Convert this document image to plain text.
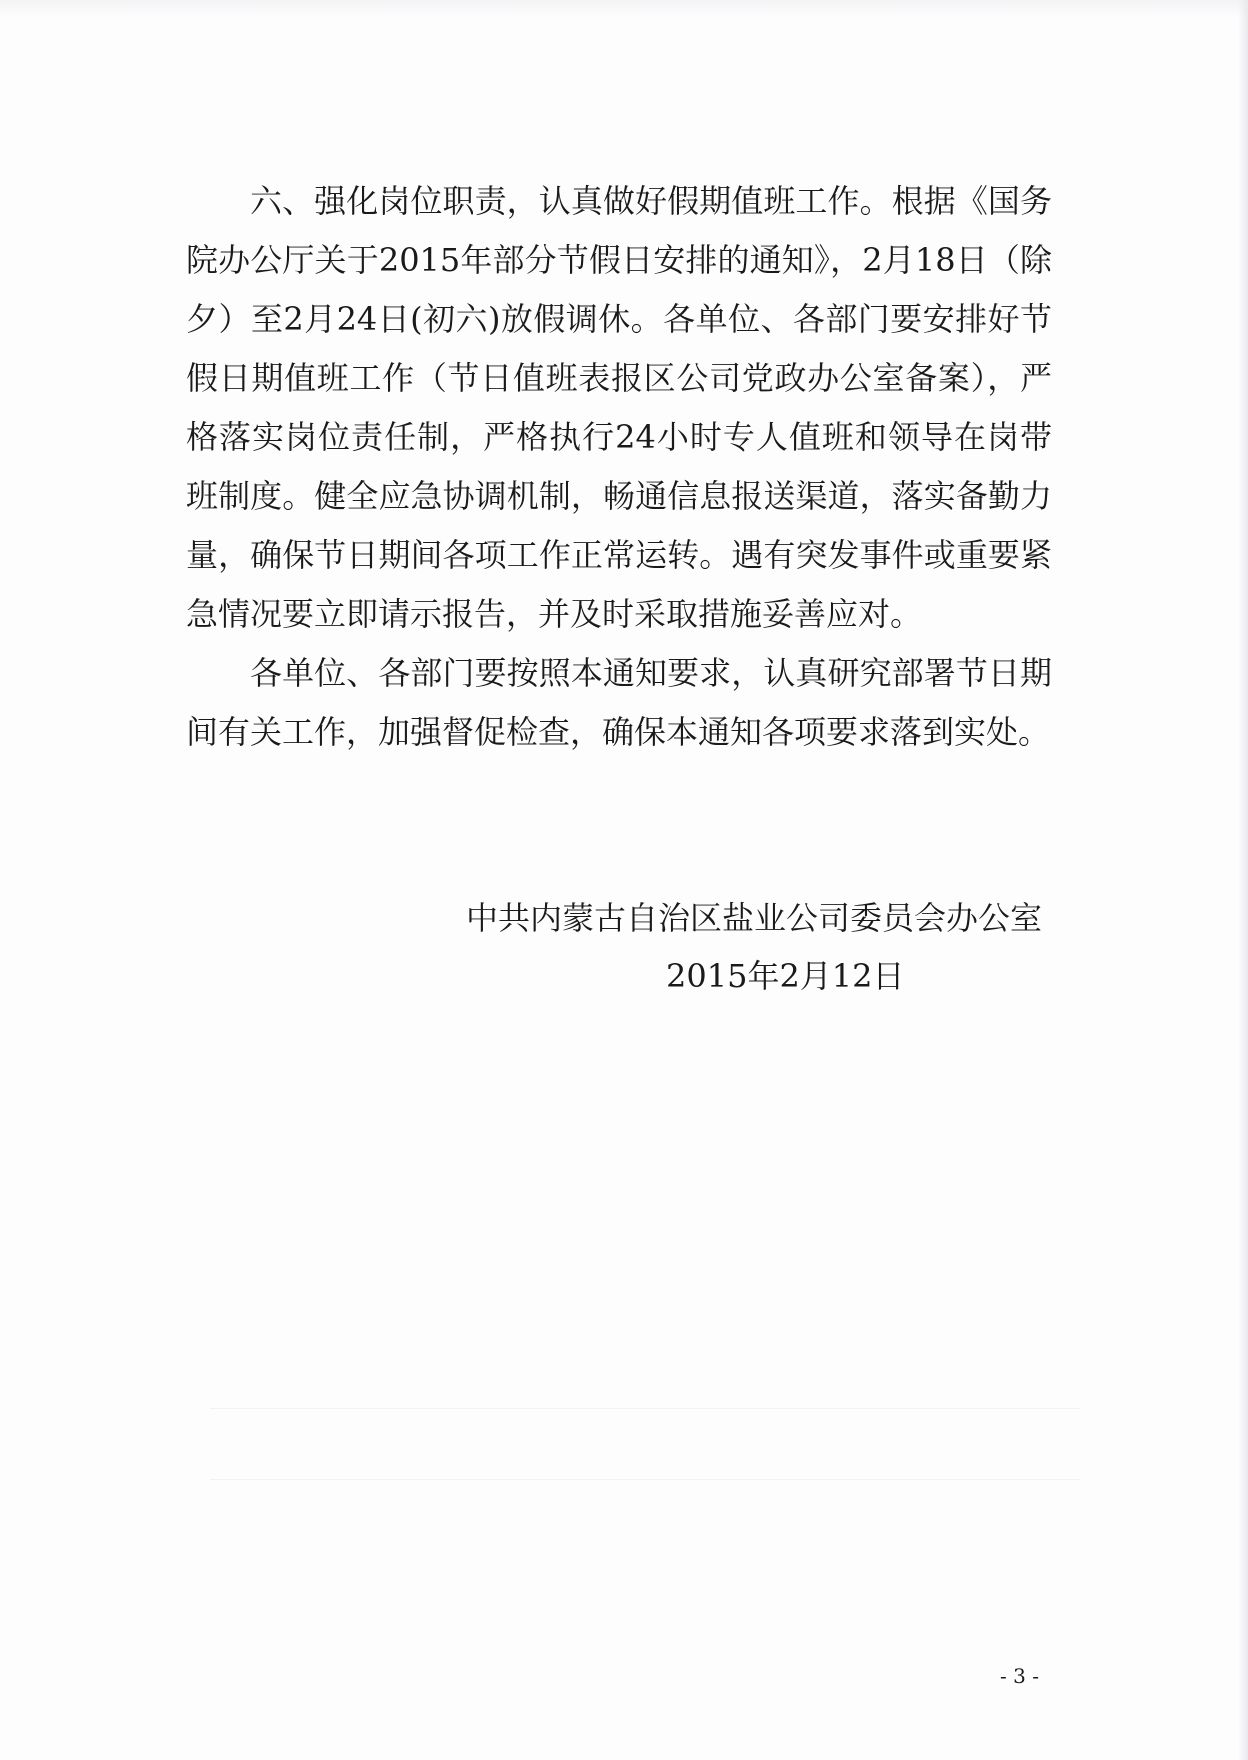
六、强化岗位职责，认真做好假期值班工作。根据《国务院办公厅关于2015年部分节假日安排的通知》，2月18日（除夕）至2月24日(初六)放假调休。各单位、各部门要安排好节假日期值班工作（节日值班表报区公司党政办公室备案），严格落实岗位责任制，严格执行24小时专人值班和领导在岗带班制度。健全应急协调机制，畅通信息报送渠道，落实备勤力量，确保节日期间各项工作正常运转。遇有突发事件或重要紧急情况要立即请示报告，并及时采取措施妥善应对。

各单位、各部门要按照本通知要求，认真研究部署节日期间有关工作，加强督促检查，确保本通知各项要求落到实处。

中共内蒙古自治区盐业公司委员会办公室
2015年2月12日
- 3 -
